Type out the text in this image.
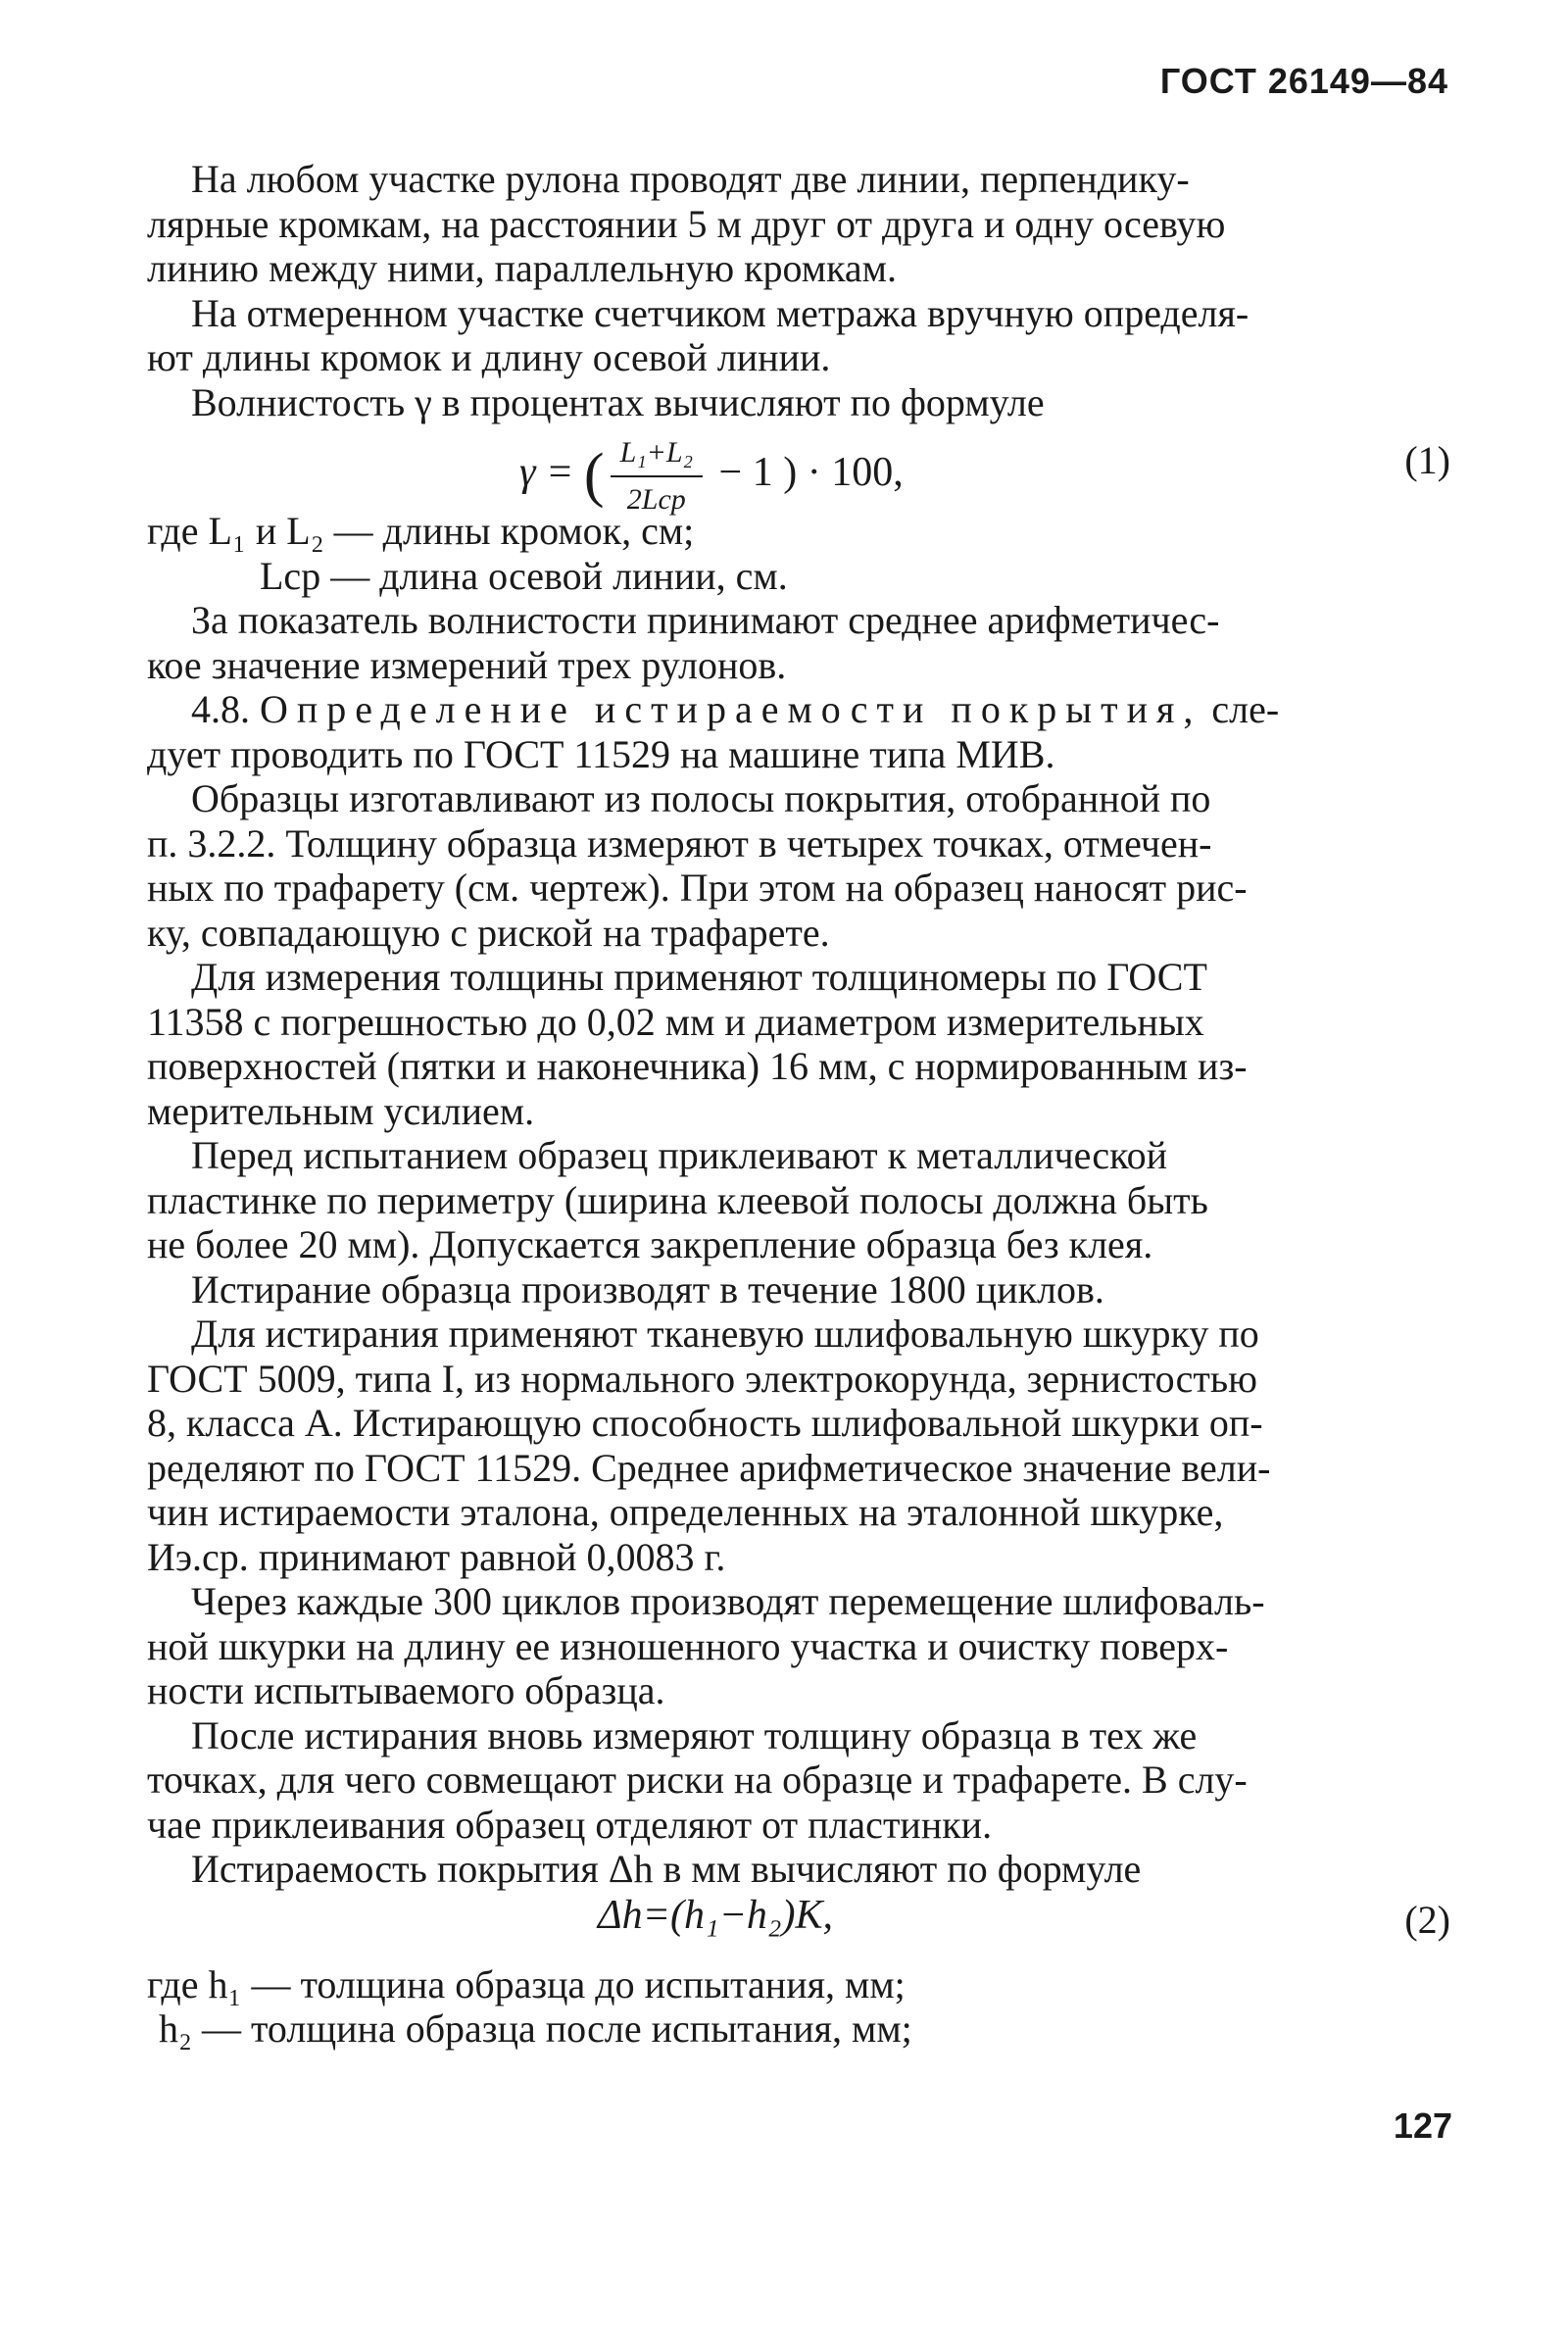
ГОСТ 26149—84
На любом участке рулона проводят две линии, перпендику-
лярные кромкам, на расстоянии 5 м друг от друга и одну осевую
линию между ними, параллельную кромкам.
На отмеренном участке счетчиком метража вручную определя-
ют длины кромок и длину осевой линии.
Волнистость γ в процентах вычисляют по формуле
γ = ( $\frac{\text{L₁+L₂}}{\text{2Lср}} - 1$ ) · 100,	(1)
где L₁ и L₂ — длины кромок, см;
Lср — длина осевой линии, см.
За показатель волнистости принимают среднее арифметичес-
кое значение измерений трех рулонов.
4.8. Определение истираемости покрытия, сле-
дует проводить по ГОСТ 11529 на машине типа МИВ.
Образцы изготавливают из полосы покрытия, отобранной по
п. 3.2.2. Толщину образца измеряют в четырех точках, отмечен-
ных по трафарету (см. чертеж). При этом на образец наносят рис-
ку, совпадающую с риской на трафарете.
Для измерения толщины применяют толщиномеры по ГОСТ
11358 с погрешностью до 0,02 мм и диаметром измерительных
поверхностей (пятки и наконечника) 16 мм, с нормированным из-
мерительным усилием.
Перед испытанием образец приклеивают к металлической
пластинке по периметру (ширина клеевой полосы должна быть
не более 20 мм). Допускается закрепление образца без клея.
Истирание образца производят в течение 1800 циклов.
Для истирания применяют тканевую шлифовальную шкурку по
ГОСТ 5009, типа I, из нормального электрокорунда, зернистостью
8, класса А. Истирающую способность шлифовальной шкурки оп-
ределяют по ГОСТ 11529. Среднее арифметическое значение вели-
чин истираемости эталона, определенных на эталонной шкурке,
Иэ.ср. принимают равной 0,0083 г.
Через каждые 300 циклов производят перемещение шлифоваль-
ной шкурки на длину ее изношенного участка и очистку поверх-
ности испытываемого образца.
После истирания вновь измеряют толщину образца в тех же
точках, для чего совмещают риски на образце и трафарете. В слу-
чае приклеивания образец отделяют от пластинки.
Истираемость покрытия Δh в мм вычисляют по формуле
Δh=(h₁−h₂)K,	(2)
где h₁ — толщина образца до испытания, мм;
h₂ — толщина образца после испытания, мм;
127
